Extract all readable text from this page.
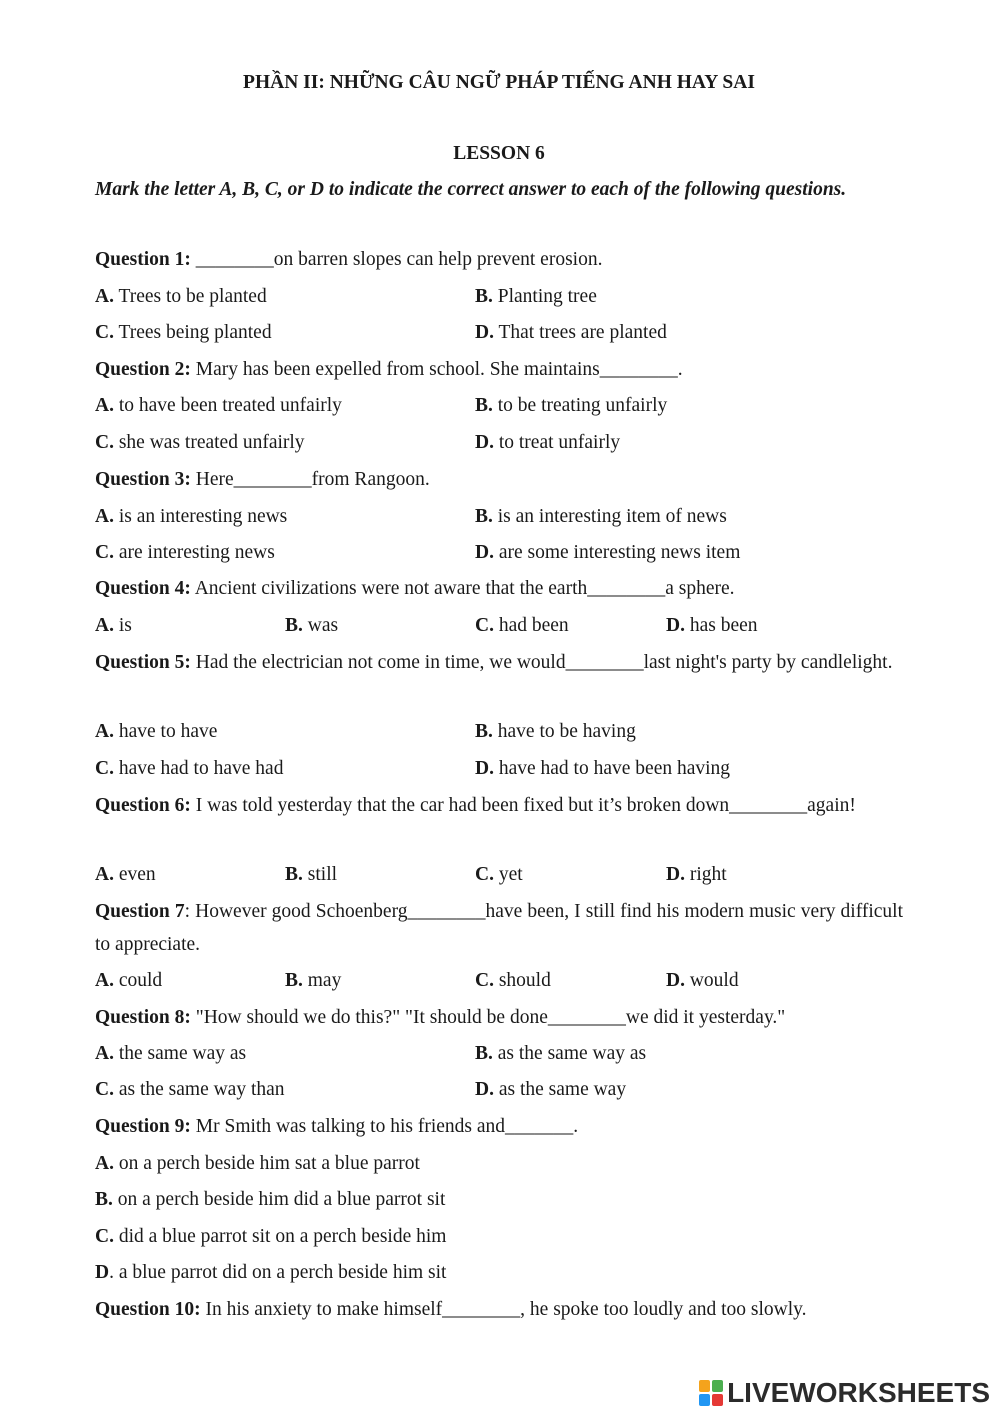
PHẦN II: NHỮNG CÂU NGỮ PHÁP TIẾNG ANH HAY SAI
LESSON 6
Mark the letter A, B, C, or D to indicate the correct answer to each of the following questions.
Question 1: ________on barren slopes can help prevent erosion.
A. Trees to be planted	B. Planting tree
C. Trees being planted	D. That trees are planted
Question 2: Mary has been expelled from school. She maintains________.
A. to have been treated unfairly	B. to be treating unfairly
C. she was treated unfairly	D. to treat unfairly
Question 3: Here________from Rangoon.
A. is an interesting news	B. is an interesting item of news
C. are interesting news	D. are some interesting news item
Question 4: Ancient civilizations were not aware that the earth________a sphere.
A. is	B. was	C. had been	D. has been
Question 5: Had the electrician not come in time, we would________last night's party by candlelight.
A. have to have	B. have to be having
C. have had to have had	D. have had to have been having
Question 6: I was told yesterday that the car had been fixed but it’s broken down________again!
A. even	B. still	C. yet	D. right
Question 7: However good Schoenberg________have been, I still find his modern music very difficult to appreciate.
A. could	B. may	C. should	D. would
Question 8: "How should we do this?" "It should be done________we did it yesterday."
A. the same way as	B. as the same way as
C. as the same way than	D. as the same way
Question 9: Mr Smith was talking to his friends and_______.
A. on a perch beside him sat a blue parrot
B. on a perch beside him did a blue parrot sit
C. did a blue parrot sit on a perch beside him
D. a blue parrot did on a perch beside him sit
Question 10: In his anxiety to make himself________, he spoke too loudly and too slowly.
LIVEWORKSHEETS
